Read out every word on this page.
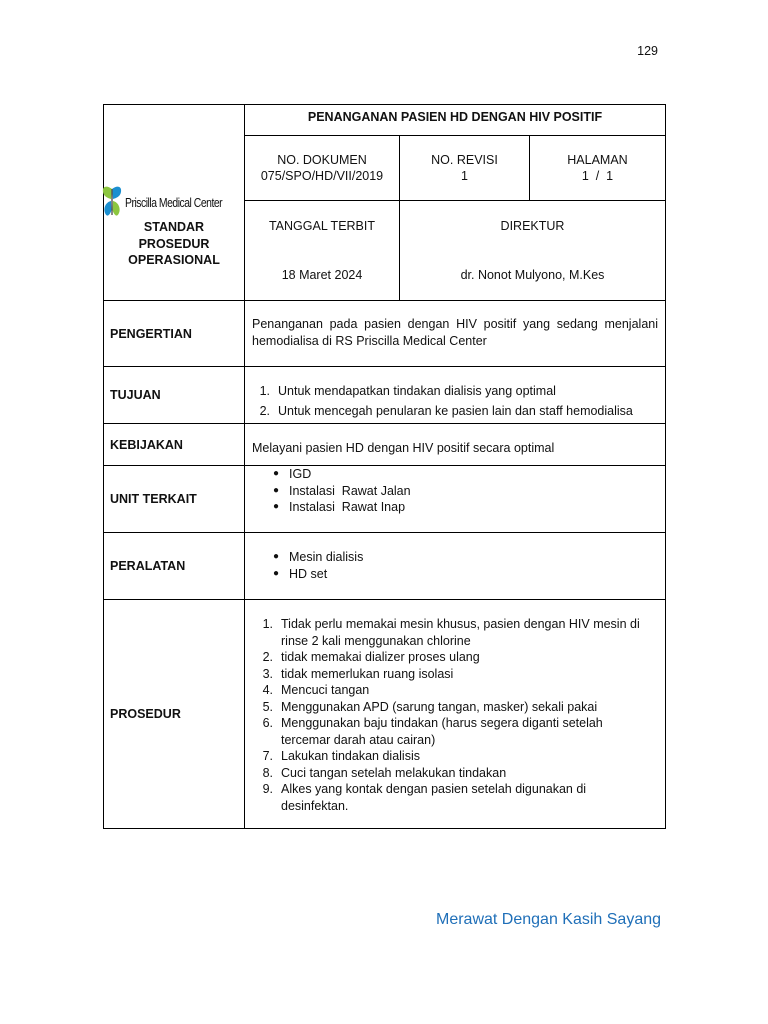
129
Priscilla Medical Center
PENANGANAN PASIEN HD DENGAN HIV POSITIF
NO. DOKUMEN
075/SPO/HD/VII/2019
NO. REVISI
1
HALAMAN
1  /  1
STANDAR
PROSEDUR
OPERASIONAL
TANGGAL TERBIT
18 Maret 2024
DIREKTUR
dr. Nonot Mulyono, M.Kes
PENGERTIAN
Penanganan pada pasien dengan HIV positif yang sedang menjalani hemodialisa di RS Priscilla Medical Center
TUJUAN	1. Untuk mendapatkan tindakan dialisis yang optimal
2. Untuk mencegah penularan ke pasien lain dan staff hemodialisa
KEBIJAKAN	Melayani pasien HD dengan HIV positif secara optimal
UNIT TERKAIT
● IGD
● Instalasi  Rawat Jalan
● Instalasi  Rawat Inap
PERALATAN
● Mesin dialisis
● HD set
PROSEDUR
1. Tidak perlu memakai mesin khusus, pasien dengan HIV mesin di rinse 2 kali menggunakan chlorine
2. tidak memakai dializer proses ulang
3. tidak memerlukan ruang isolasi
4. Mencuci tangan
5. Menggunakan APD (sarung tangan, masker) sekali pakai
6. Menggunakan baju tindakan (harus segera diganti setelah tercemar darah atau cairan)
7. Lakukan tindakan dialisis
8. Cuci tangan setelah melakukan tindakan
9. Alkes yang kontak dengan pasien setelah digunakan di desinfektan.
Merawat Dengan Kasih Sayang
